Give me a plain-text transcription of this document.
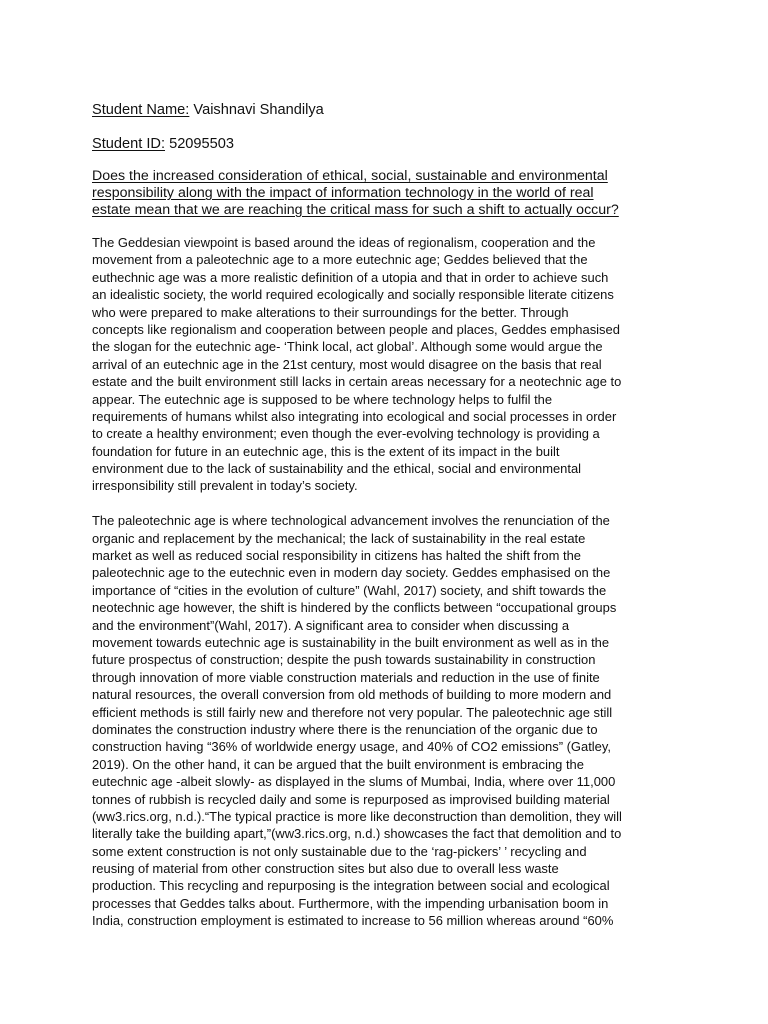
Student Name: Vaishnavi Shandilya

Student ID: 52095503

Does the increased consideration of ethical, social, sustainable and environmental
responsibility along with the impact of information technology in the world of real
estate mean that we are reaching the critical mass for such a shift to actually occur?
The Geddesian viewpoint is based around the ideas of regionalism, cooperation and the
movement from a paleotechnic age to a more eutechnic age; Geddes believed that the
euthechnic age was a more realistic definition of a utopia and that in order to achieve such
an idealistic society, the world required ecologically and socially responsible literate citizens
who were prepared to make alterations to their surroundings for the better. Through
concepts like regionalism and cooperation between people and places, Geddes emphasised
the slogan for the eutechnic age- ‘Think local, act global’. Although some would argue the
arrival of an eutechnic age in the 21st century, most would disagree on the basis that real
estate and the built environment still lacks in certain areas necessary for a neotechnic age to
appear. The eutechnic age is supposed to be where technology helps to fulfil the
requirements of humans whilst also integrating into ecological and social processes in order
to create a healthy environment; even though the ever-evolving technology is providing a
foundation for future in an eutechnic age, this is the extent of its impact in the built
environment due to the lack of sustainability and the ethical, social and environmental
irresponsibility still prevalent in today’s society.
The paleotechnic age is where technological advancement involves the renunciation of the
organic and replacement by the mechanical; the lack of sustainability in the real estate
market as well as reduced social responsibility in citizens has halted the shift from the
paleotechnic age to the eutechnic even in modern day society. Geddes emphasised on the
importance of “cities in the evolution of culture” (Wahl, 2017) society, and shift towards the
neotechnic age however, the shift is hindered by the conflicts between “occupational groups
and the environment”(Wahl, 2017). A significant area to consider when discussing a
movement towards eutechnic age is sustainability in the built environment as well as in the
future prospectus of construction; despite the push towards sustainability in construction
through innovation of more viable construction materials and reduction in the use of finite
natural resources, the overall conversion from old methods of building to more modern and
efficient methods is still fairly new and therefore not very popular. The paleotechnic age still
dominates the construction industry where there is the renunciation of the organic due to
construction having “36% of worldwide energy usage, and 40% of CO2 emissions” (Gatley,
2019). On the other hand, it can be argued that the built environment is embracing the
eutechnic age -albeit slowly- as displayed in the slums of Mumbai, India, where over 11,000
tonnes of rubbish is recycled daily and some is repurposed as improvised building material
(ww3.rics.org, n.d.).“The typical practice is more like deconstruction than demolition, they will
literally take the building apart,”(ww3.rics.org, n.d.) showcases the fact that demolition and to
some extent construction is not only sustainable due to the ‘rag-pickers’ ’ recycling and
reusing of material from other construction sites but also due to overall less waste
production. This recycling and repurposing is the integration between social and ecological
processes that Geddes talks about. Furthermore, with the impending urbanisation boom in
India, construction employment is estimated to increase to 56 million whereas around “60%
